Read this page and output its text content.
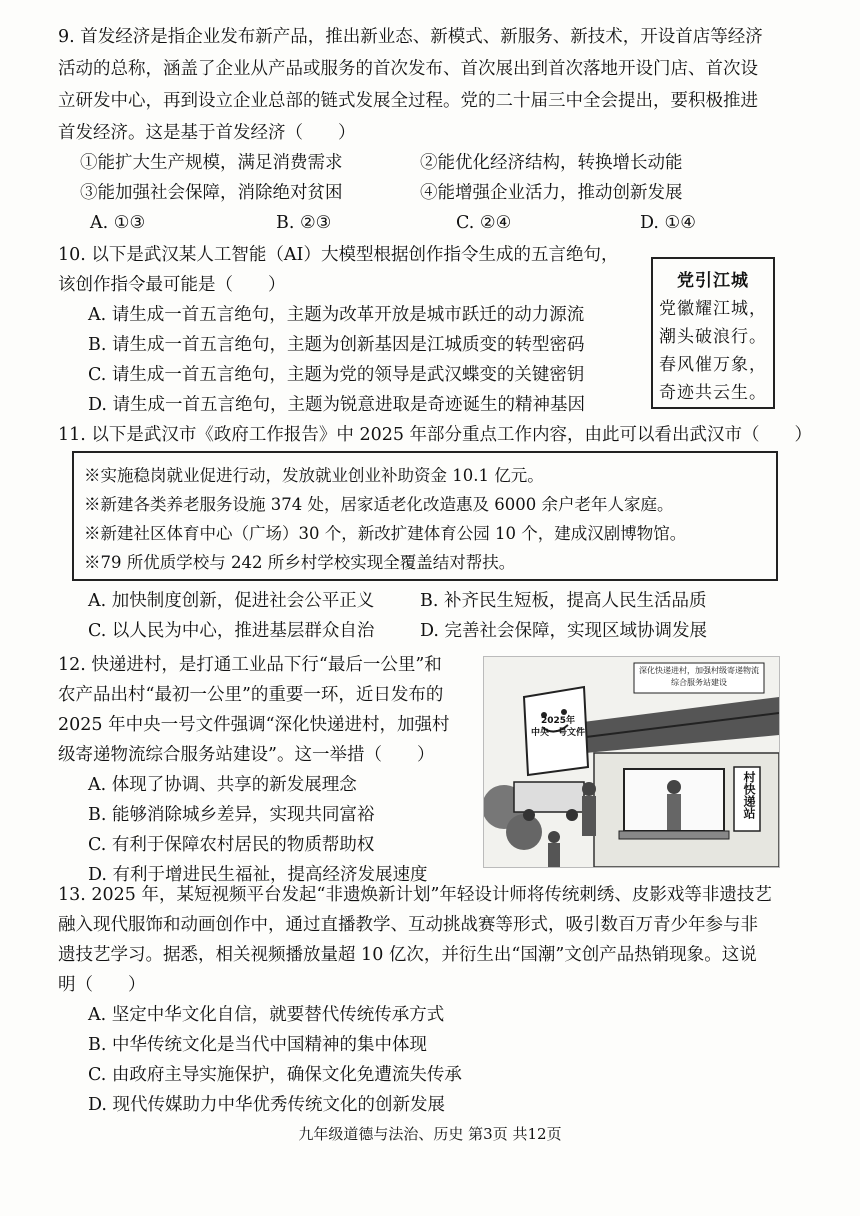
9. 首发经济是指企业发布新产品，推出新业态、新模式、新服务、新技术，开设首店等经济
活动的总称，涵盖了企业从产品或服务的首次发布、首次展出到首次落地开设门店、首次设
立研发中心，再到设立企业总部的链式发展全过程。党的二十届三中全会提出，要积极推进
首发经济。这是基于首发经济（　　）
①能扩大生产规模，满足消费需求	②能优化经济结构，转换增长动能
③能加强社会保障，消除绝对贫困	④能增强企业活力，推动创新发展
A. ①③	B. ②③	C. ②④	D. ①④
10. 以下是武汉某人工智能（AI）大模型根据创作指令生成的五言绝句，
该创作指令最可能是（　　）
A. 请生成一首五言绝句，主题为改革开放是城市跃迁的动力源流
B. 请生成一首五言绝句，主题为创新基因是江城质变的转型密码
C. 请生成一首五言绝句，主题为党的领导是武汉蝶变的关键密钥
D. 请生成一首五言绝句，主题为锐意进取是奇迹诞生的精神基因
党引江城
党徽耀江城，
潮头破浪行。
春风催万象，
奇迹共云生。
11. 以下是武汉市《政府工作报告》中 2025 年部分重点工作内容，由此可以看出武汉市（　　）
※实施稳岗就业促进行动，发放就业创业补助资金 10.1 亿元。
※新建各类养老服务设施 374 处，居家适老化改造惠及 6000 余户老年人家庭。
※新建社区体育中心（广场）30 个，新改扩建体育公园 10 个，建成汉剧博物馆。
※79 所优质学校与 242 所乡村学校实现全覆盖结对帮扶。
A. 加快制度创新，促进社会公平正义	B. 补齐民生短板，提高人民生活品质
C. 以人民为中心，推进基层群众自治	D. 完善社会保障，实现区域协调发展
12. 快递进村，是打通工业品下行“最后一公里”和
农产品出村“最初一公里”的重要一环，近日发布的
2025 年中央一号文件强调“深化快递进村，加强村
级寄递物流综合服务站建设”。这一举措（　　）
A. 体现了协调、共享的新发展理念
B. 能够消除城乡差异，实现共同富裕
C. 有利于保障农村居民的物质帮助权
D. 有利于增进民生福祉，提高经济发展速度
2025年
中央一号文件
深化快递进村，加强村级寄递物流综合服务站建设
村快递站
13. 2025 年，某短视频平台发起“非遗焕新计划”年轻设计师将传统刺绣、皮影戏等非遗技艺
融入现代服饰和动画创作中，通过直播教学、互动挑战赛等形式，吸引数百万青少年参与非
遗技艺学习。据悉，相关视频播放量超 10 亿次，并衍生出“国潮”文创产品热销现象。这说
明（　　）
A. 坚定中华文化自信，就要替代传统传承方式
B. 中华传统文化是当代中国精神的集中体现
C. 由政府主导实施保护，确保文化免遭流失传承
D. 现代传媒助力中华优秀传统文化的创新发展
九年级道德与法治、历史 第3页 共12页
